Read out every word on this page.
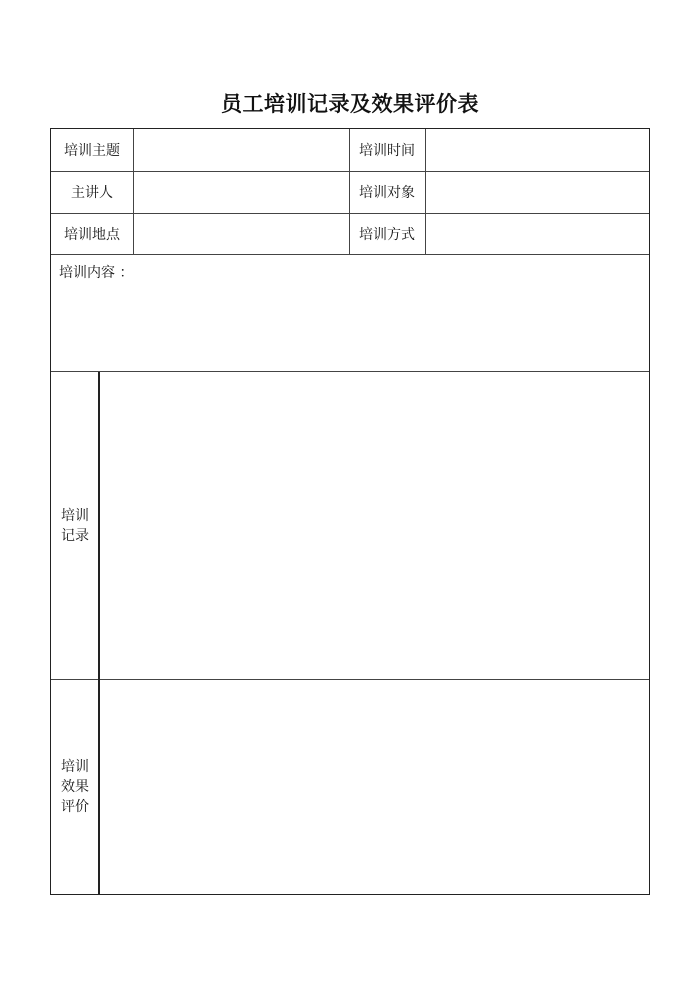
员工培训记录及效果评价表
培训主题	培训时间
主讲人	培训对象
培训地点	培训方式
培训内容 ：
培训
记录
培训
效果
评价
